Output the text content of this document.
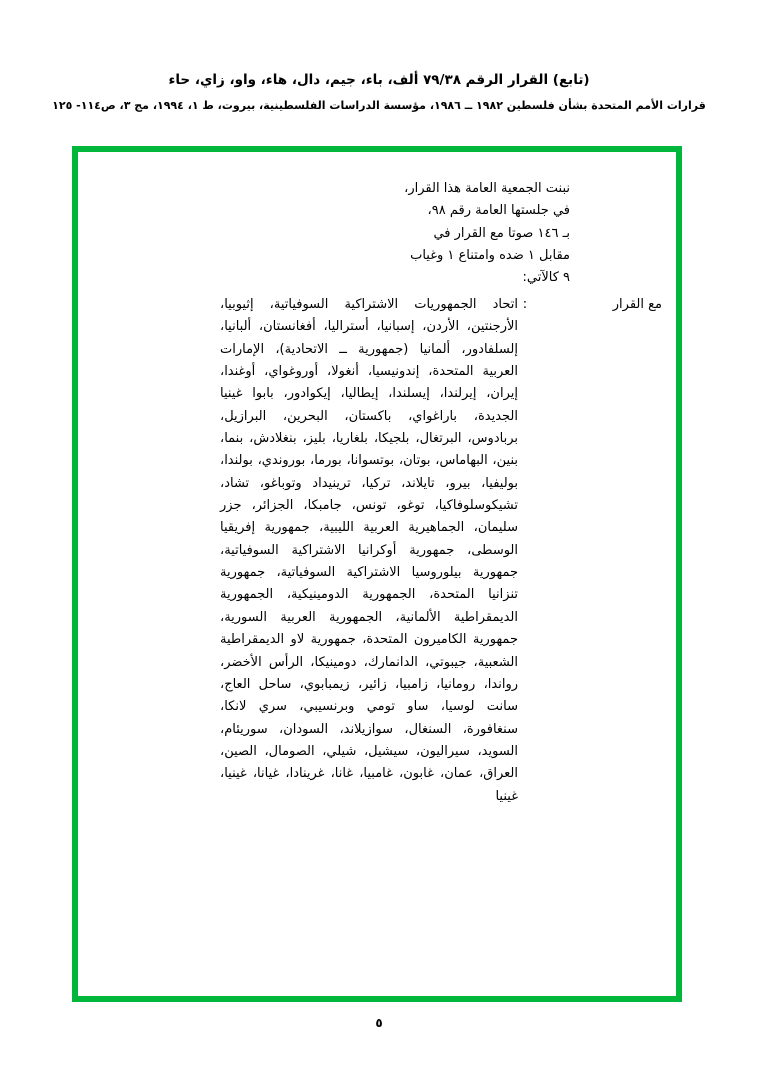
(تابع) القرار الرقم ٧٩/٣٨ ألف، باء، جيم، دال، هاء، واو، زاي، حاء
قرارات الأمم المتحدة بشأن فلسطين ١٩٨٢ ــ ١٩٨٦، مؤسسة الدراسات الفلسطينية، بيروت، ط ١، ١٩٩٤، مج ٣، ص١١٤- ١٢٥
نبنت الجمعية العامة هذا القرار،
في جلستها العامة رقم ٩٨،
بـ ١٤٦ صوتا مع القرار في
مقابل ١ ضده وامتناع ١ وغياب
٩ كالآتي:
مع القرار
:
اتحاد الجمهوريات الاشتراكية السوفياتية، إثيوبيا، الأرجنتين، الأردن، إسبانيا، أستراليا، أفغانستان، ألبانيا، إلسلفادور، ألمانيا (جمهورية ــ الاتحادية)، الإمارات العربية المتحدة، إندونيسيا، أنغولا، أوروغواي، أوغندا، إيران، إيرلندا، إيسلندا، إيطاليا، إيكوادور، بابوا غينيا الجديدة، باراغواي، باكستان، البحرين، البرازيل، بربادوس، البرتغال، بلجيكا، بلغاريا، بليز، بنغلادش، بنما، بنين، البهاماس، بوتان، بوتسوانا، بورما، بوروندي، بولندا، بوليفيا، بيرو، تايلاند، تركيا، ترينيداد وتوباغو، تشاد، تشيكوسلوفاكيا، توغو، تونس، جامبكا، الجزائر، جزر سليمان، الجماهيرية العربية الليبية، جمهورية إفريقيا الوسطى، جمهورية أوكرانيا الاشتراكية السوفياتية، جمهورية بيلوروسيا الاشتراكية السوفياتية، جمهورية تنزانيا المتحدة، الجمهورية الدومينيكية، الجمهورية الديمقراطية الألمانية، الجمهورية العربية السورية، جمهورية الكاميرون المتحدة، جمهورية لاو الديمقراطية الشعبية، جيبوتي، الدانمارك، دومينيكا، الرأس الأخضر، رواندا، رومانيا، زامبيا، زائير، زيمبابوي، ساحل العاج، سانت لوسيا، ساو تومي وبرنسيبي، سري لانكا، سنغافورة، السنغال، سوازيلاند، السودان، سوريئام، السويد، سيراليون، سيشيل، شيلي، الصومال، الصين، العراق، عمان، غابون، غامبيا، غانا، غرينادا، غيانا، غينيا، غينيا
٥
